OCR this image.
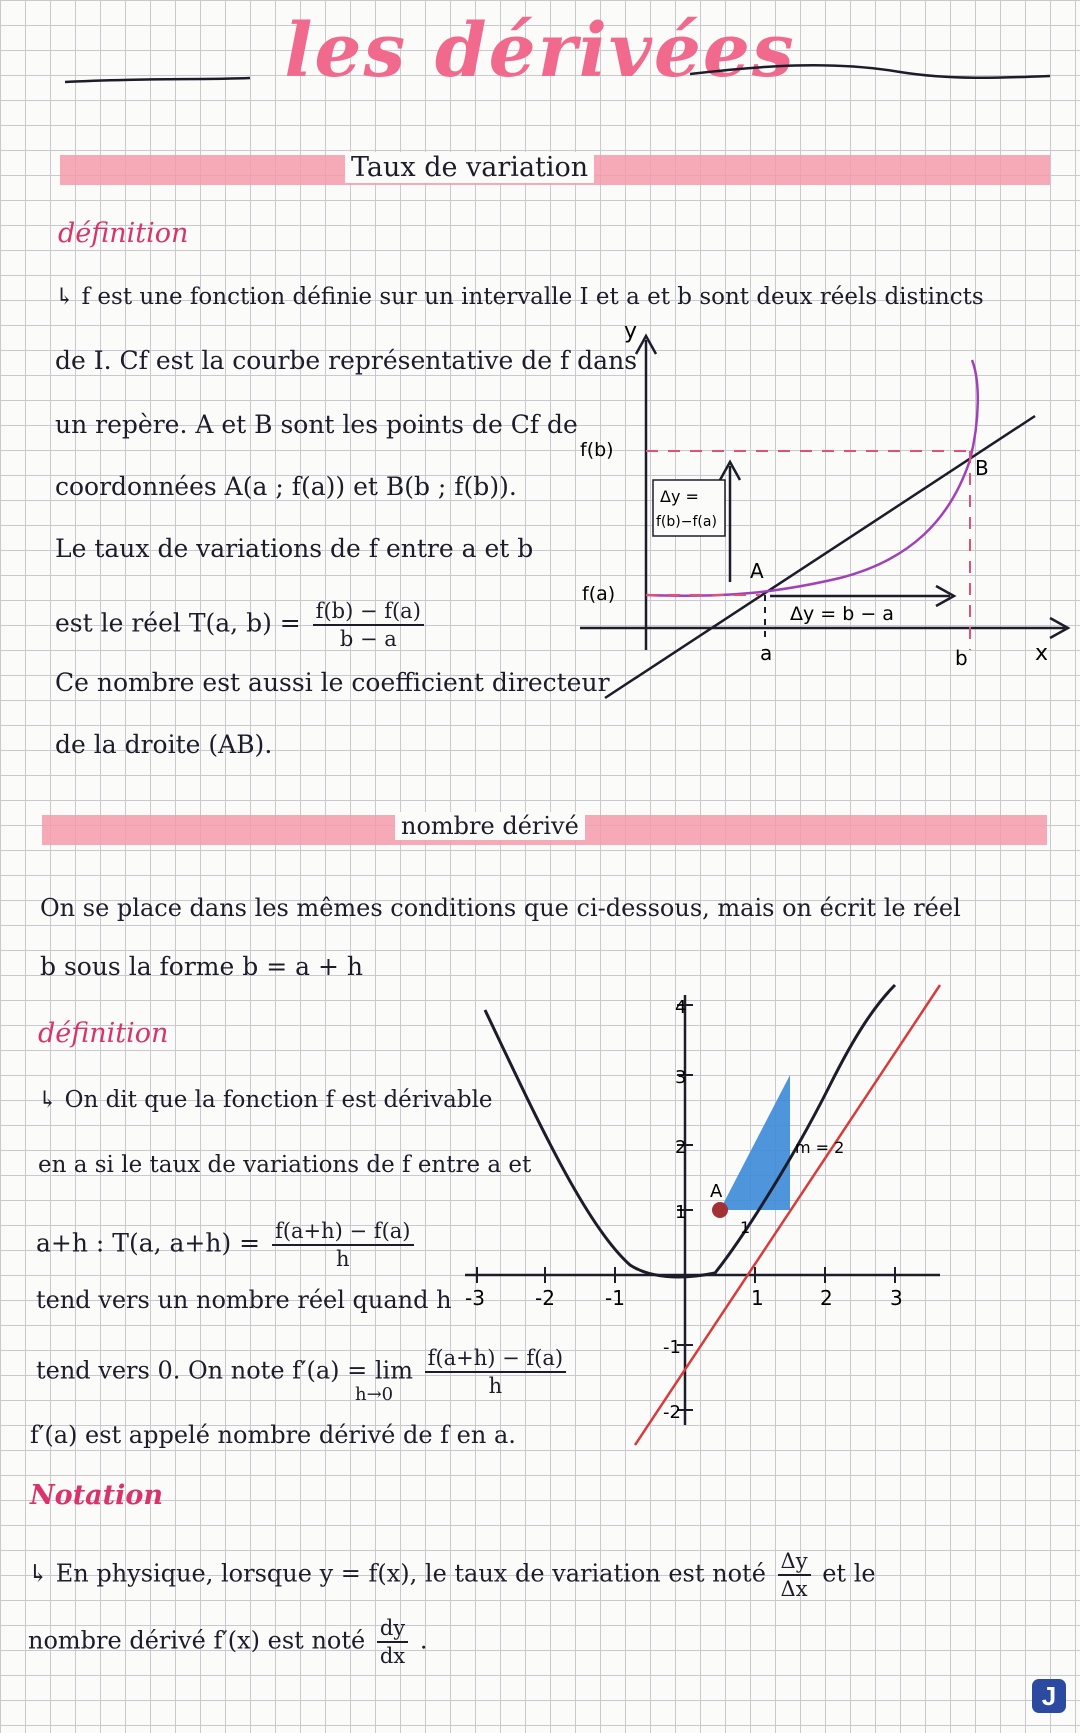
les dérivées
Taux de variation
définition
↳ f est une fonction définie sur un intervalle I et a et b sont deux réels distincts
de I. Cf est la courbe représentative de f dans
un repère. A et B sont les points de Cf de
coordonnées A(a ; f(a)) et B(b ; f(b)).
Le taux de variations de f entre a et b
est le réel T(a, $b) = \frac{f(b) - f(a)}{b - a}$
Ce nombre est aussi le coefficient directeur
de la droite (AB).
y
x
f(b)
f(a)
a	b
A
B
Δy =
f(b)−f(a)
Δy = b − a
nombre dérivé
On se place dans les mêmes conditions que ci-dessous, mais on écrit le réel
b sous la forme b = a + h
définition
↳ On dit que la fonction f est dérivable
en a si le taux de variations de f entre a et
a+h : T(a, $a+h) = \frac{f(a+h) - f(a)}{h}$
tend vers un nombre réel quand h
tend vers 0. On note $f'(a) = \lim \frac{f(a+h) - f(a)}{h}$
h→0
f′(a) est appelé nombre dérivé de f en a.
-3	-2	-1	1	2	3
4
3
2
1
-1
-2
A
m = 2
1
Notation
↳ En physique, lorsque y = f(x), le taux de variation est noté $\frac{\Delta y}{\Delta x}$ et le
nombre dérivé f′(x) est noté $\frac{dy}{dx}$ .
J
